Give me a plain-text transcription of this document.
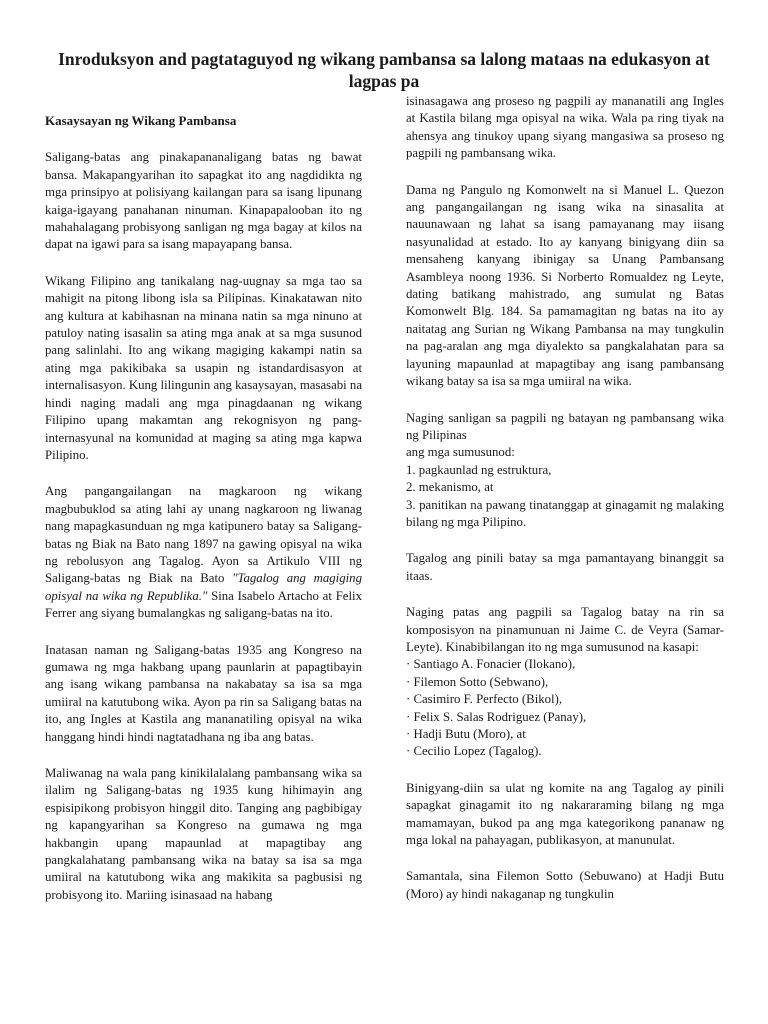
Inroduksyon and pagtataguyod ng wikang pambansa sa lalong mataas na edukasyon at lagpas pa

Kasaysayan ng Wikang Pambansa

Saligang-batas ang pinakapananaligang batas ng bawat bansa. Makapangyarihan ito sapagkat ito ang nagdidikta ng mga prinsipyo at polisiyang kailangan para sa isang lipunang kaiga-igayang panahanan ninuman. Kinapapalooban ito ng mahahalagang probisyong sanligan ng mga bagay at kilos na dapat na igawi para sa isang mapayapang bansa.

Wikang Filipino ang tanikalang nag-uugnay sa mga tao sa mahigit na pitong libong isla sa Pilipinas. Kinakatawan nito ang kultura at kabihasnan na minana natin sa mga ninuno at patuloy nating isasalin sa ating mga anak at sa mga susunod pang salinlahi. Ito ang wikang magiging kakampi natin sa ating mga pakikibaka sa usapin ng istandardisasyon at internalisasyon. Kung lilingunin ang kasaysayan, masasabi na hindi naging madali ang mga pinagdaanan ng wikang Filipino upang makamtan ang rekognisyon ng pang-internasyunal na komunidad at maging sa ating mga kapwa Pilipino.

Ang pangangailangan na magkaroon ng wikang magbubuklod sa ating lahi ay unang nagkaroon ng liwanag nang mapagkasunduan ng mga katipunero batay sa Saligang-batas ng Biak na Bato nang 1897 na gawing opisyal na wika ng rebolusyon ang Tagalog. Ayon sa Artikulo VIII ng Saligang-batas ng Biak na Bato "Tagalog ang magiging opisyal na wika ng Republika." Sina Isabelo Artacho at Felix Ferrer ang siyang bumalangkas ng saligang-batas na ito.

Inatasan naman ng Saligang-batas 1935 ang Kongreso na gumawa ng mga hakbang upang paunlarin at papagtibayin ang isang wikang pambansa na nakabatay sa isa sa mga umiiral na katutubong wika. Ayon pa rin sa Saligang batas na ito, ang Ingles at Kastila ang mananatiling opisyal na wika hanggang hindi hindi nagtatadhana ng iba ang batas.

Maliwanag na wala pang kinikilalalang pambansang wika sa ilalim ng Saligang-batas ng 1935 kung hihimayin ang espisipikong probisyon hinggil dito. Tanging ang pagbibigay ng kapangyarihan sa Kongreso na gumawa ng mga hakbangin upang mapaunlad at mapagtibay ang pangkalahatang pambansang wika na batay sa isa sa mga umiiral na katutubong wika ang makikita sa pagbusisi ng probisyong ito. Mariing isinasaad na habang

isinasagawa ang proseso ng pagpili ay mananatili ang Ingles at Kastila bilang mga opisyal na wika. Wala pa ring tiyak na ahensya ang tinukoy upang siyang mangasiwa sa proseso ng pagpili ng pambansang wika.

Dama ng Pangulo ng Komonwelt na si Manuel L. Quezon ang pangangailangan ng isang wika na sinasalita at nauunawaan ng lahat sa isang pamayanang may iisang nasyunalidad at estado. Ito ay kanyang binigyang diin sa mensaheng kanyang ibinigay sa Unang Pambansang Asambleya noong 1936. Si Norberto Romualdez ng Leyte, dating batikang mahistrado, ang sumulat ng Batas Komonwelt Blg. 184. Sa pamamagitan ng batas na ito ay naitatag ang Surian ng Wikang Pambansa na may tungkulin na pag-aralan ang mga diyalekto sa pangkalahatan para sa layuning mapaunlad at mapagtibay ang isang pambansang wikang batay sa isa sa mga umiiral na wika.

Naging sanligan sa pagpili ng batayan ng pambansang wika ng Pilipinas

ang mga sumusunod:

1. pagkaunlad ng estruktura,

2. mekanismo, at

3. panitikan na pawang tinatanggap at ginagamit ng malaking bilang ng mga Pilipino.

Tagalog ang pinili batay sa mga pamantayang binanggit sa itaas.

Naging patas ang pagpili sa Tagalog batay na rin sa komposisyon na pinamunuan ni Jaime C. de Veyra (Samar-Leyte). Kinabibilangan ito ng mga sumusunod na kasapi:

· Santiago A. Fonacier (Ilokano),

· Filemon Sotto (Sebwano),

· Casimiro F. Perfecto (Bikol),

· Felix S. Salas Rodriguez (Panay),

· Hadji Butu (Moro), at

· Cecilio Lopez (Tagalog).

Binigyang-diin sa ulat ng komite na ang Tagalog ay pinili sapagkat ginagamit ito ng nakararaming bilang ng mga mamamayan, bukod pa ang mga kategorikong pananaw ng mga lokal na pahayagan, publikasyon, at manunulat.

Samantala, sina Filemon Sotto (Sebuwano) at Hadji Butu (Moro) ay hindi nakaganap ng tungkulin
